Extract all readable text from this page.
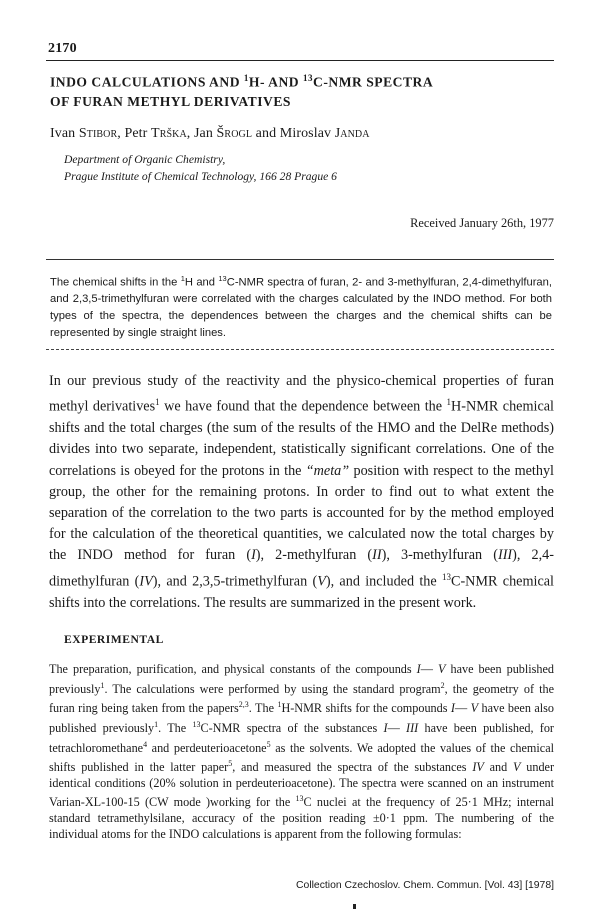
2170
INDO CALCULATIONS AND $^1$H- AND $^{13}$C-NMR SPECTRA
OF FURAN METHYL DERIVATIVES
Ivan Stibor, Petr Trška, Jan Šrogl and Miroslav Janda
Department of Organic Chemistry,
Prague Institute of Chemical Technology, 166 28 Prague 6
Received January 26th, 1977
The chemical shifts in the $^1$H and $^{13}$C-NMR spectra of furan, 2- and 3-methylfuran, 2,4-dimethylfuran, and 2,3,5-trimethylfuran were correlated with the charges calculated by the INDO method. For both types of the spectra, the dependences between the charges and the chemical shifts can be represented by single straight lines.
In our previous study of the reactivity and the physico-chemical properties of furan methyl derivatives$^1$ we have found that the dependence between the $^1$H-NMR chemical shifts and the total charges (the sum of the results of the HMO and the DelRe methods) divides into two separate, independent, statistically significant correlations. One of the correlations is obeyed for the protons in the “meta” position with respect to the methyl group, the other for the remaining protons. In order to find out to what extent the separation of the correlation to the two parts is accounted for by the method employed for the calculation of the theoretical quantities, we calculated now the total charges by the INDO method for furan (I), 2-methylfuran (II), 3-methylfuran (III), 2,4-dimethylfuran (IV), and 2,3,5-trimethylfuran (V), and included the $^{13}$C-NMR chemical shifts into the correlations. The results are summarized in the present work.
EXPERIMENTAL
The preparation, purification, and physical constants of the compounds I— V have been published previously$^1$. The calculations were performed by using the standard program$^2$, the geometry of the furan ring being taken from the papers$^{2,3}$. The $^1$H-NMR shifts for the compounds I— V have been also published previously$^1$. The $^{13}$C-NMR spectra of the substances I— III have been published, for tetrachloromethane$^4$ and perdeuterioacetone$^5$ as the solvents. We adopted the values of the chemical shifts published in the latter paper$^5$, and measured the spectra of the substances IV and V under identical conditions (20% solution in perdeuterioacetone). The spectra were scanned on an instrument Varian-XL-100-15 (CW mode )working for the $^{13}$C nuclei at the frequency of 25·1 MHz; internal standard tetramethylsilane, accuracy of the position reading ±0·1 ppm. The numbering of the individual atoms for the INDO calculations is apparent from the following formulas:
Collection Czechoslov. Chem. Commun. [Vol. 43] [1978]
